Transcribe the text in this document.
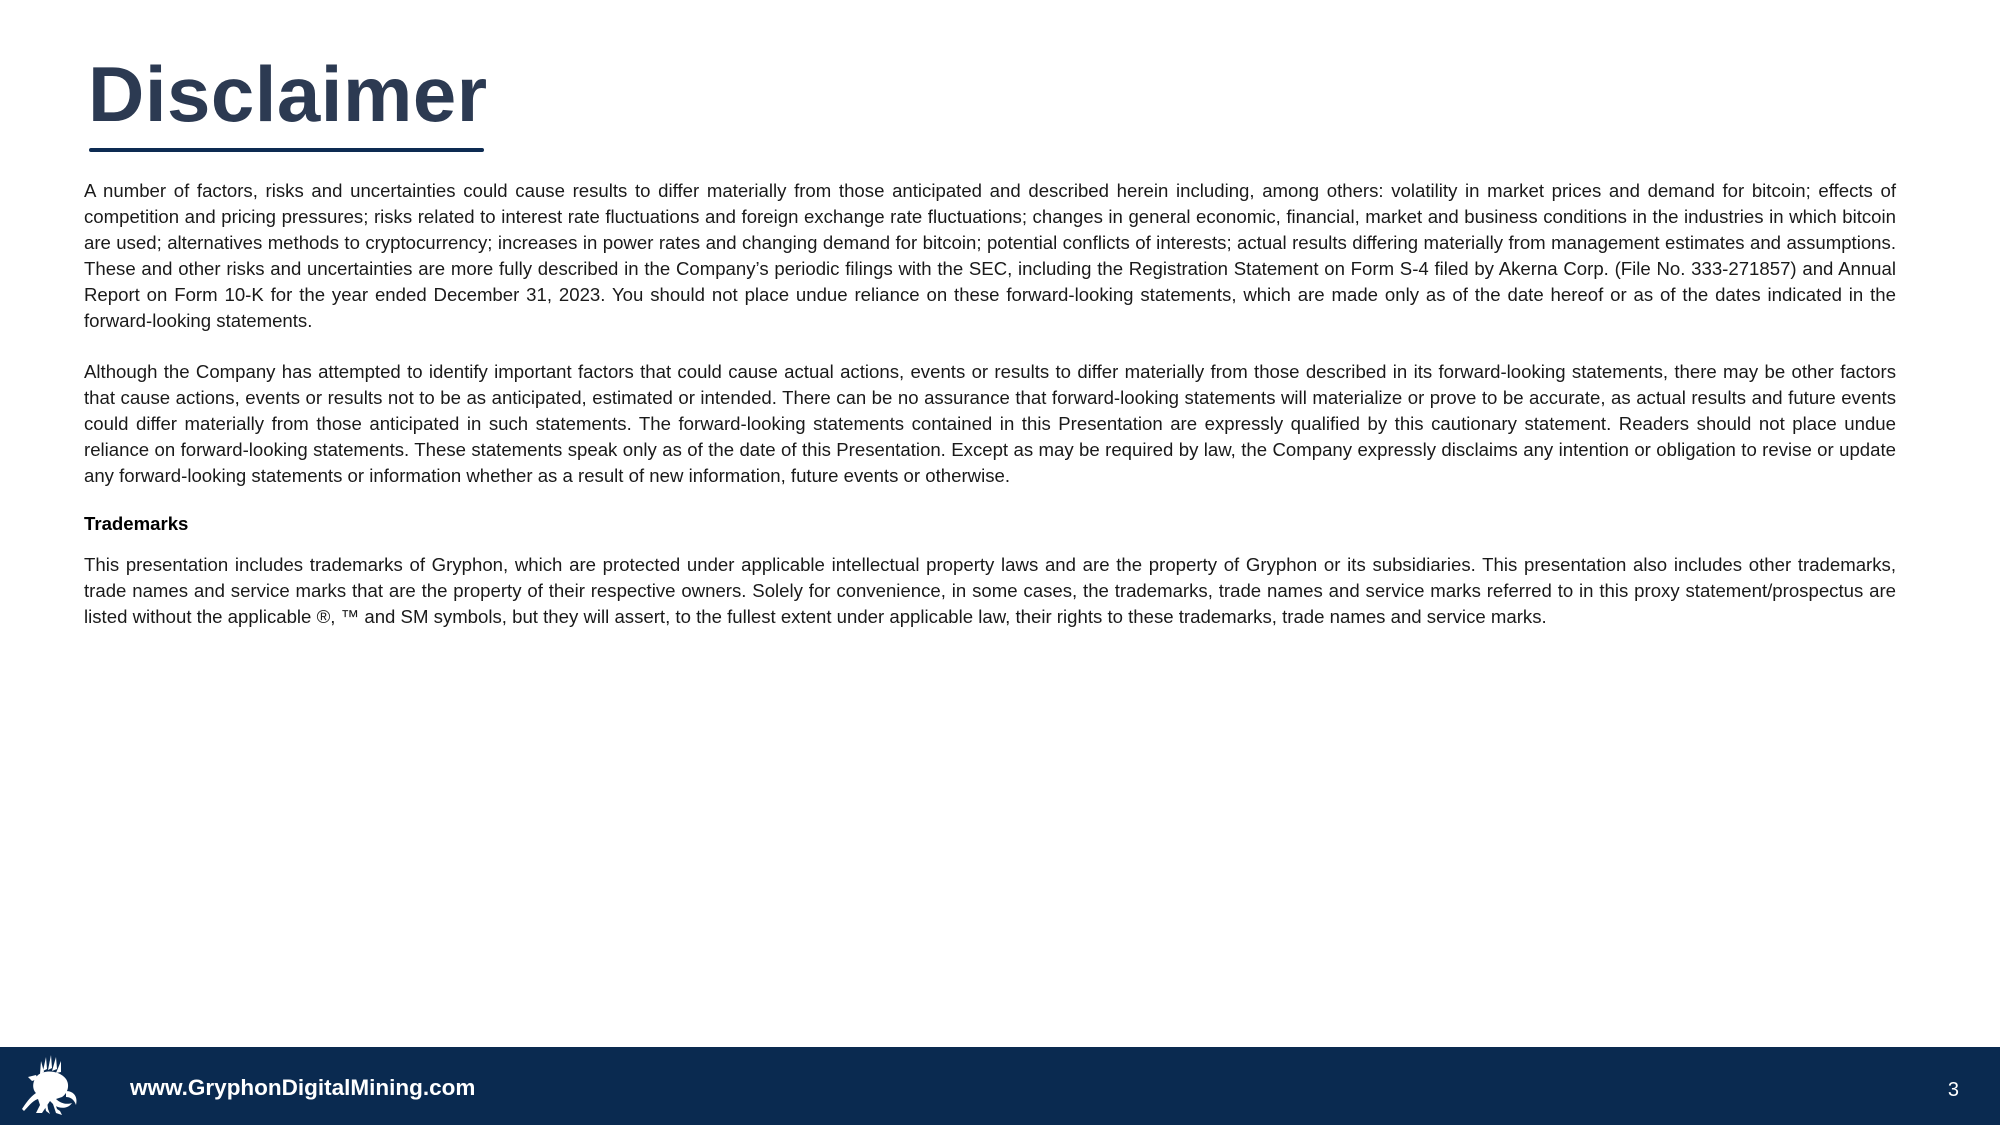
Disclaimer

A number of factors, risks and uncertainties could cause results to differ materially from those anticipated and described herein including, among others: volatility in market prices and demand for bitcoin; effects of competition and pricing pressures; risks related to interest rate fluctuations and foreign exchange rate fluctuations; changes in general economic, financial, market and business conditions in the industries in which bitcoin are used; alternatives methods to cryptocurrency; increases in power rates and changing demand for bitcoin; potential conflicts of interests; actual results differing materially from management estimates and assumptions. These and other risks and uncertainties are more fully described in the Company’s periodic filings with the SEC, including the Registration Statement on Form S-4 filed by Akerna Corp. (File No. 333-271857) and Annual Report on Form 10-K for the year ended December 31, 2023. You should not place undue reliance on these forward-looking statements, which are made only as of the date hereof or as of the dates indicated in the forward-looking statements.

Although the Company has attempted to identify important factors that could cause actual actions, events or results to differ materially from those described in its forward-looking statements, there may be other factors that cause actions, events or results not to be as anticipated, estimated or intended. There can be no assurance that forward-looking statements will materialize or prove to be accurate, as actual results and future events could differ materially from those anticipated in such statements. The forward-looking statements contained in this Presentation are expressly qualified by this cautionary statement. Readers should not place undue reliance on forward-looking statements. These statements speak only as of the date of this Presentation. Except as may be required by law, the Company expressly disclaims any intention or obligation to revise or update any forward-looking statements or information whether as a result of new information, future events or otherwise.

Trademarks

This presentation includes trademarks of Gryphon, which are protected under applicable intellectual property laws and are the property of Gryphon or its subsidiaries. This presentation also includes other trademarks, trade names and service marks that are the property of their respective owners. Solely for convenience, in some cases, the trademarks, trade names and service marks referred to in this proxy statement/prospectus are listed without the applicable ®, ™ and SM symbols, but they will assert, to the fullest extent under applicable law, their rights to these trademarks, trade names and service marks.

www.GryphonDigitalMining.com	3
